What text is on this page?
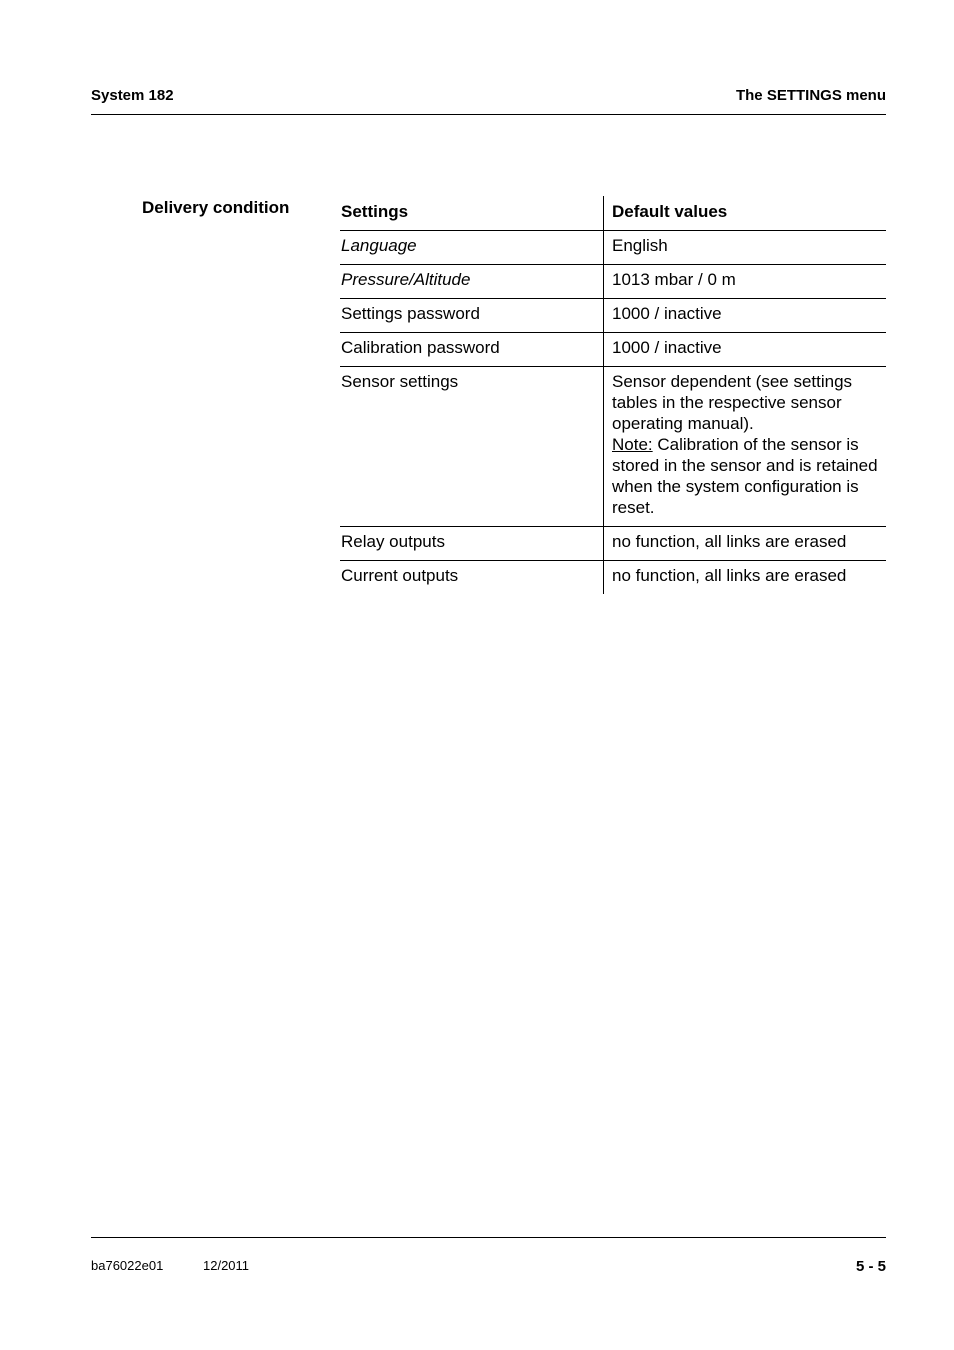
System 182	The SETTINGS menu
Delivery condition	Settings	Default values
Language	English
Pressure/Altitude	1013 mbar / 0 m
Settings password	1000 / inactive
Calibration password	1000 / inactive
Sensor settings	Sensor dependent (see settings tables in the respective sensor operating manual).
Note: Calibration of the sensor is stored in the sensor and is retained when the system configuration is reset.

Relay outputs	no function, all links are erased
Current outputs	no function, all links are erased
ba76022e01	12/2011	5 - 5
